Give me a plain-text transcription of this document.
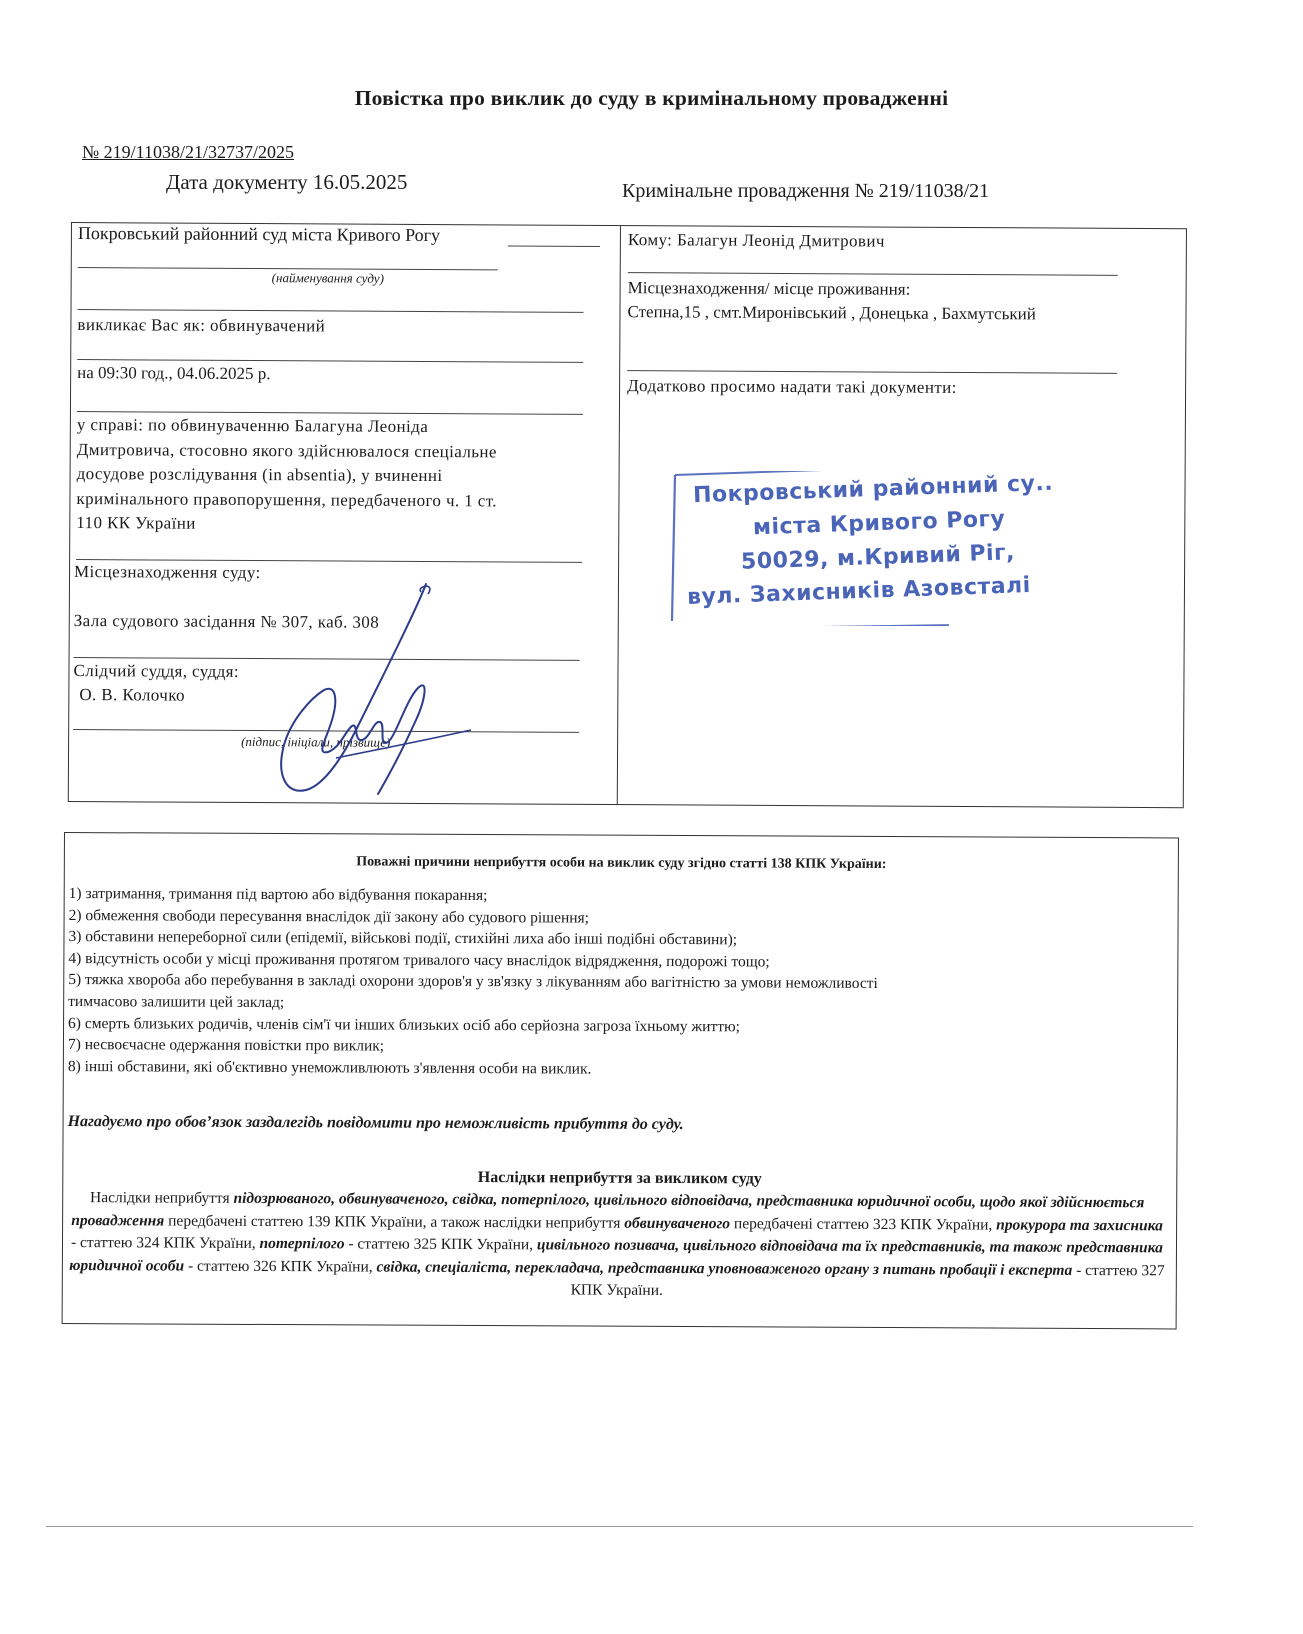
Повістка про виклик до суду в кримінальному провадженні
№ 219/11038/21/32737/2025
Дата документу 16.05.2025	Кримінальне провадження № 219/11038/21
Покровський районний суд міста Кривого Рогу
(найменування суду)
викликає Вас як: обвинувачений
на 09:30 год., 04.06.2025 р.
у справі: по обвинуваченню Балагуна Леоніда
Дмитровича, стосовно якого здійснювалося спеціальне
досудове розслідування (in absentia), у вчиненні
кримінального правопорушення, передбаченого ч. 1 ст.
110 КК України
Місцезнаходження суду:
Зала судового засідання № 307, каб. 308
Слідчий суддя, суддя:
О. В. Колочко
(підпис, ініціали, прізвище)
Кому: Балагун Леонід Дмитрович
Місцезнаходження/ місце проживання:
Степна,15 , смт.Миронівський , Донецька , Бахмутський
Додатково просимо надати такі документи:
Покровський районний су..
міста Кривого Рогу
50029, м.Кривий Ріг,
вул. Захисників Азовсталі
Поважні причини неприбуття особи на виклик суду згідно статті 138 КПК України:
1) затримання, тримання під вартою або відбування покарання;
2) обмеження свободи пересування внаслідок дії закону або судового рішення;
3) обставини непереборної сили (епідемії, військові події, стихійні лиха або інші подібні обставини);
4) відсутність особи у місці проживання протягом тривалого часу внаслідок відрядження, подорожі тощо;
5) тяжка хвороба або перебування в закладі охорони здоров'я у зв'язку з лікуванням або вагітністю за умови неможливості
тимчасово залишити цей заклад;
6) смерть близьких родичів, членів сім'ї чи інших близьких осіб або серйозна загроза їхньому життю;
7) несвоєчасне одержання повістки про виклик;
8) інші обставини, які об'єктивно унеможливлюють з'явлення особи на виклик.
Нагадуємо про обов’язок заздалегідь повідомити про неможливість прибуття до суду.
Наслідки неприбуття за викликом суду
Наслідки неприбуття підозрюваного, обвинуваченого, свідка, потерпілого, цивільного відповідача, представника юридичної особи, щодо якої здійснюється провадження передбачені статтею 139 КПК України, а також наслідки неприбуття обвинуваченого передбачені статтею 323 КПК України, прокурора та захисника - статтею 324 КПК України, потерпілого - статтею 325 КПК України, цивільного позивача, цивільного відповідача та їх представників, та також представника юридичної особи - статтею 326 КПК України, свідка, спеціаліста, перекладача, представника уповноваженого органу з питань пробації і експерта - статтею 327 КПК України.
